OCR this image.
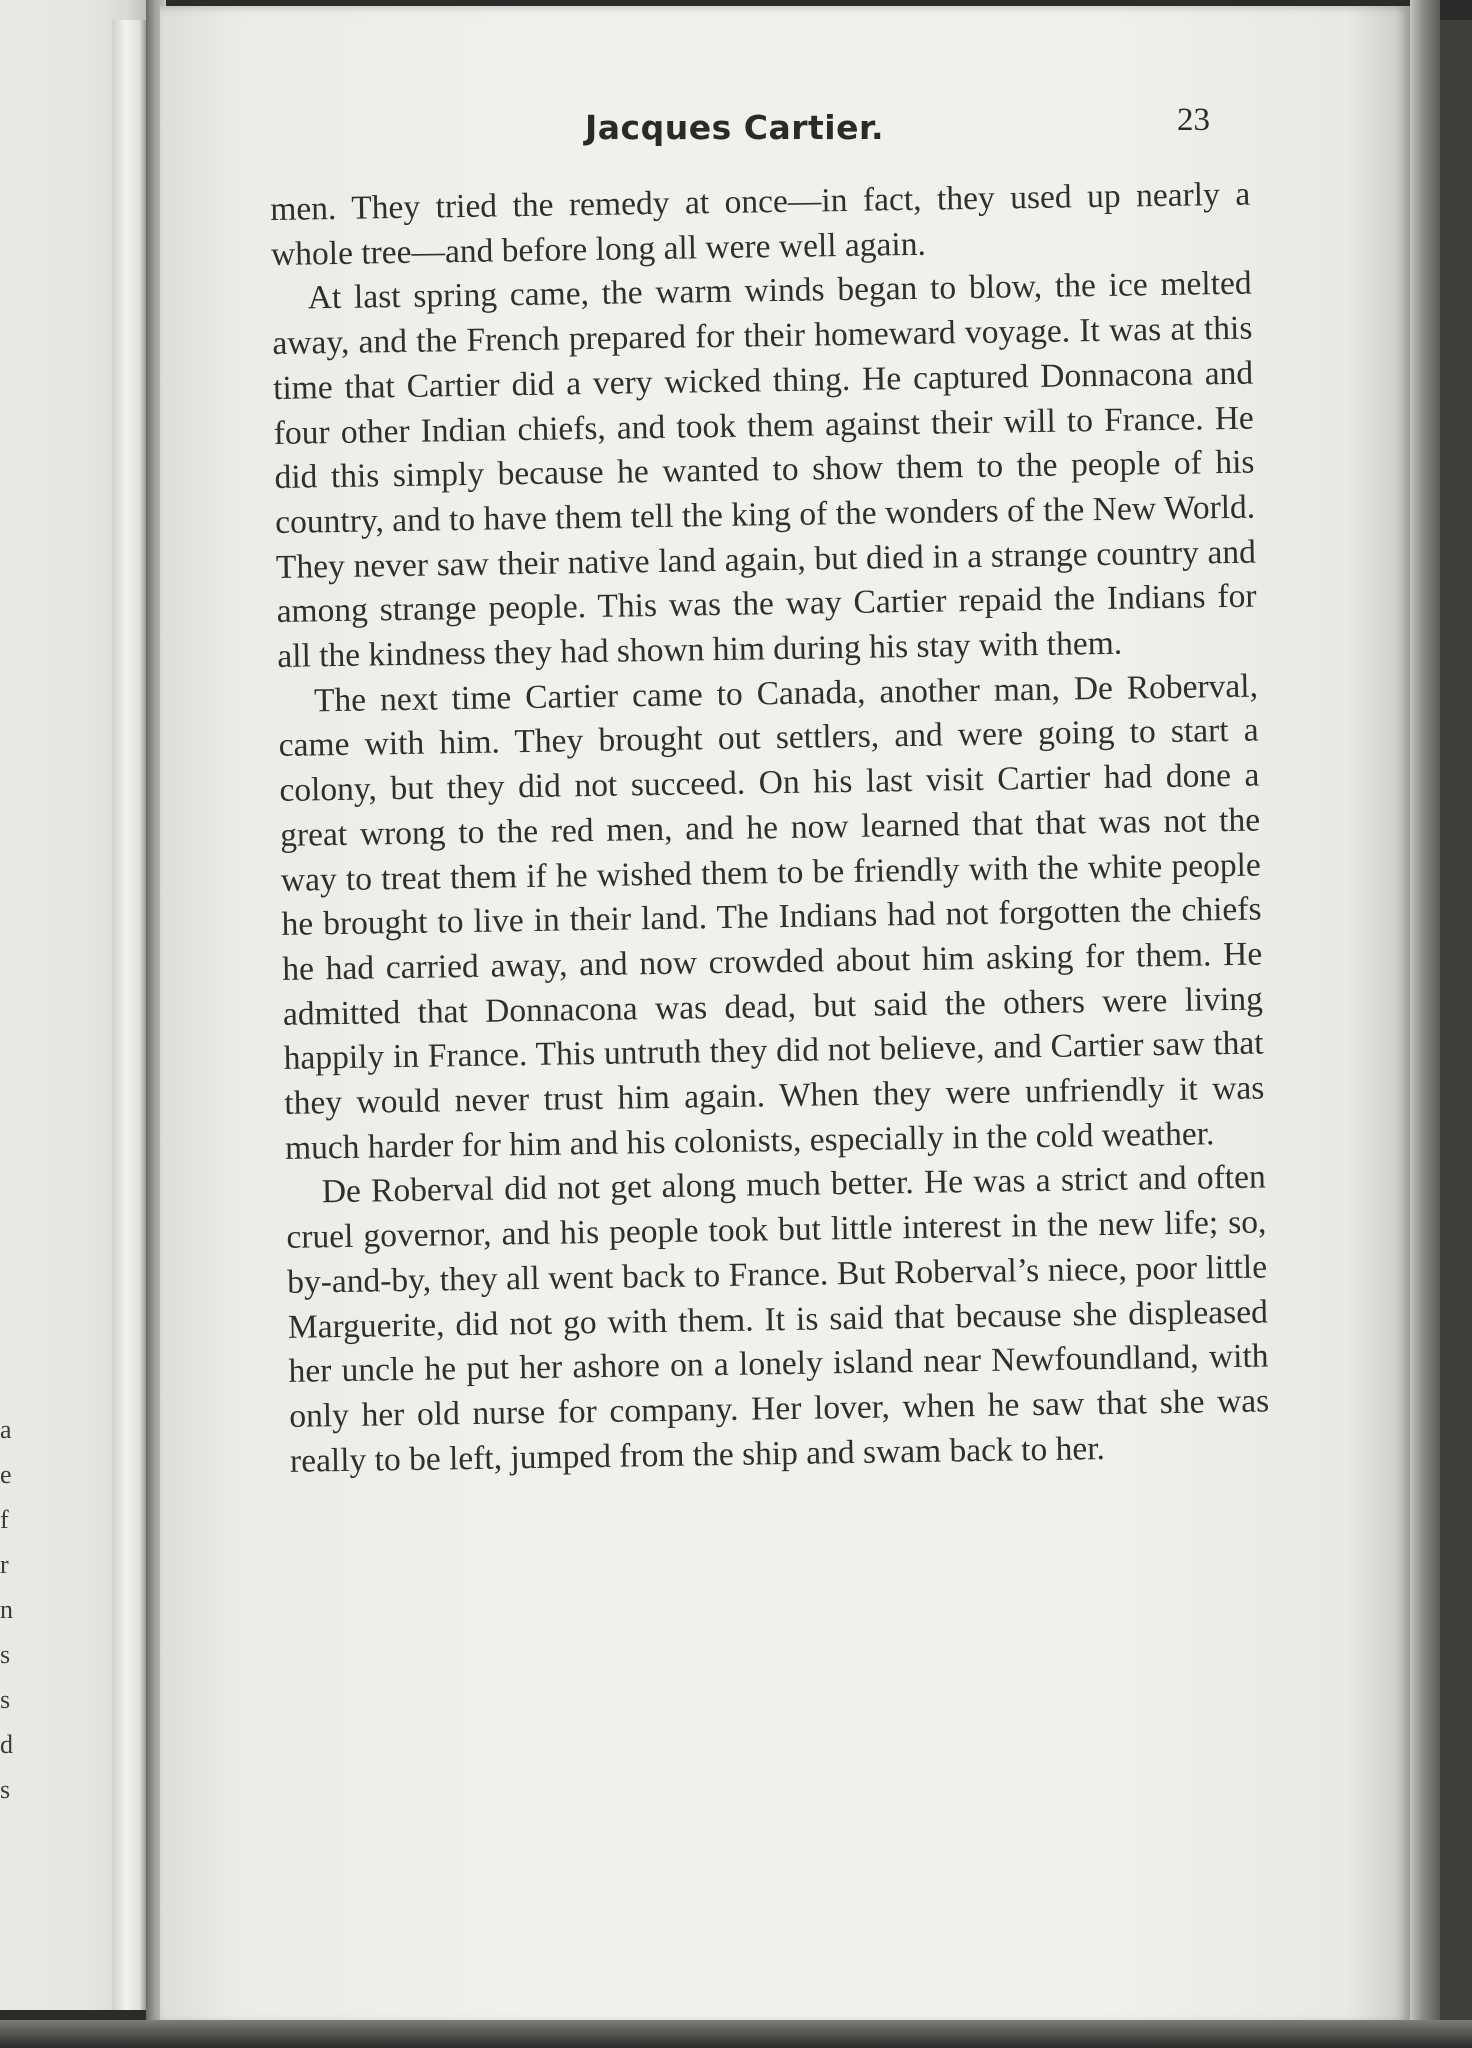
a
e
f
r
n
s
s
d
s
Jacques Cartier.	23

men. They tried the remedy at once—in fact, they used up nearly a whole tree—and before long all were well again.

At last spring came, the warm winds began to blow, the ice melted away, and the French prepared for their homeward voyage. It was at this time that Cartier did a very wicked thing. He captured Donnacona and four other Indian chiefs, and took them against their will to France. He did this simply because he wanted to show them to the people of his country, and to have them tell the king of the wonders of the New World. They never saw their native land again, but died in a strange country and among strange people. This was the way Cartier repaid the Indians for all the kindness they had shown him during his stay with them.

The next time Cartier came to Canada, another man, De Roberval, came with him. They brought out settlers, and were going to start a colony, but they did not succeed. On his last visit Cartier had done a great wrong to the red men, and he now learned that that was not the way to treat them if he wished them to be friendly with the white people he brought to live in their land. The Indians had not forgotten the chiefs he had carried away, and now crowded about him asking for them. He admitted that Donnacona was dead, but said the others were living happily in France. This untruth they did not believe, and Cartier saw that they would never trust him again. When they were unfriendly it was much harder for him and his colonists, especially in the cold weather.

De Roberval did not get along much better. He was a strict and often cruel governor, and his people took but little interest in the new life; so, by-and-by, they all went back to France. But Roberval’s niece, poor little Marguerite, did not go with them. It is said that because she displeased her uncle he put her ashore on a lonely island near Newfoundland, with only her old nurse for company. Her lover, when he saw that she was really to be left, jumped from the ship and swam back to her.
